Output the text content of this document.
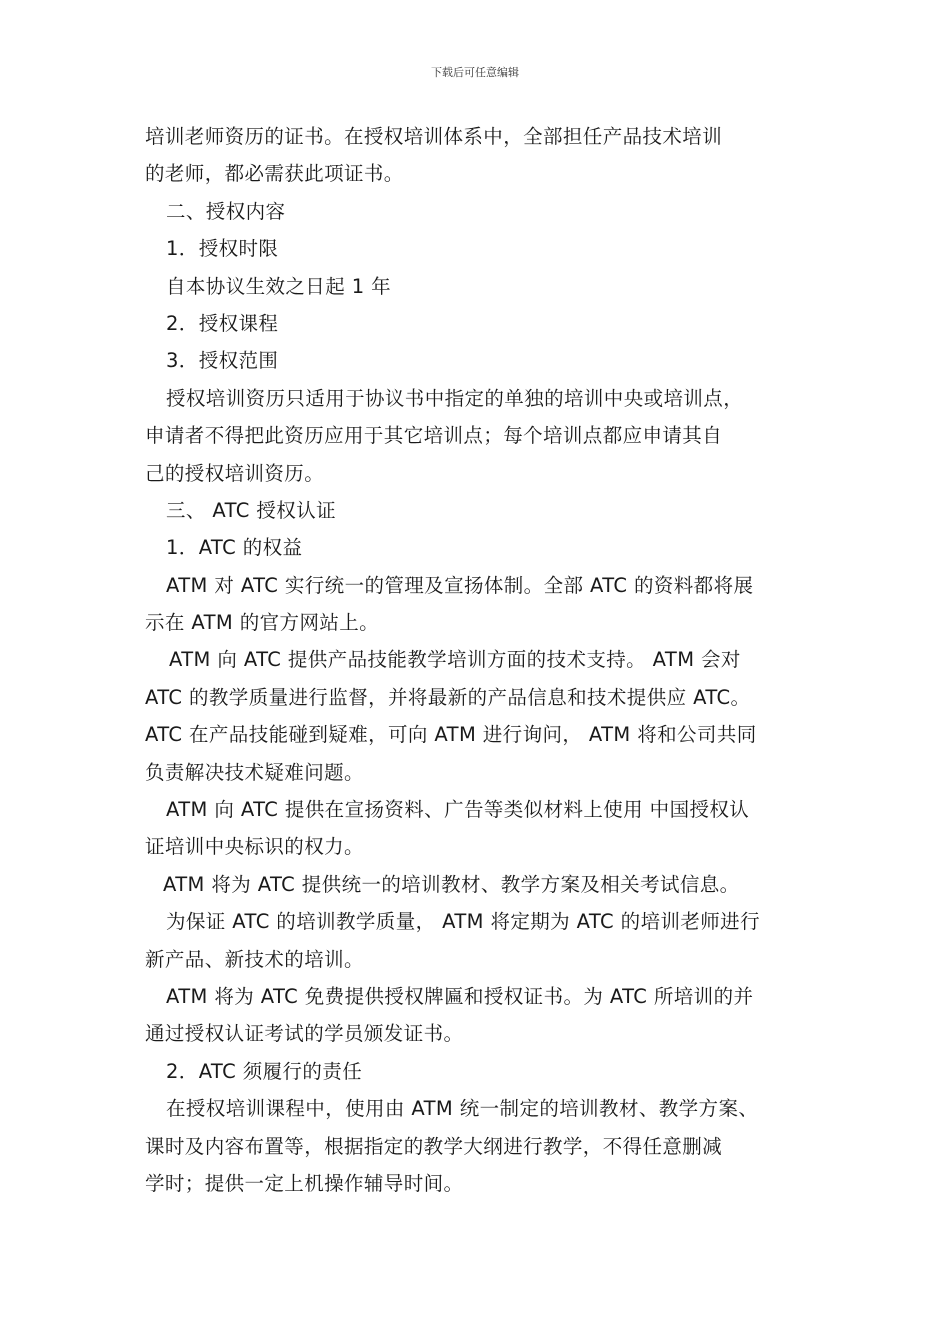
下载后可任意编辑
培训老师资历的证书。在授权培训体系中，全部担任产品技术培训
的老师，都必需获此项证书。
二、授权内容
1．授权时限
自本协议生效之日起 1 年
2．授权课程
3．授权范围
授权培训资历只适用于协议书中指定的单独的培训中央或培训点，
申请者不得把此资历应用于其它培训点；每个培训点都应申请其自
己的授权培训资历。
三、 ATC 授权认证
1．ATC 的权益
ATM 对 ATC 实行统一的管理及宣扬体制。全部 ATC 的资料都将展
示在 ATM 的官方网站上。
ATM 向 ATC 提供产品技能教学培训方面的技术支持。 ATM 会对
ATC 的教学质量进行监督，并将最新的产品信息和技术提供应 ATC。
ATC 在产品技能碰到疑难，可向 ATM 进行询问， ATM 将和公司共同
负责解决技术疑难问题。
ATM 向 ATC 提供在宣扬资料、广告等类似材料上使用 中国授权认
证培训中央标识的权力。
ATM 将为 ATC 提供统一的培训教材、教学方案及相关考试信息。
为保证 ATC 的培训教学质量， ATM 将定期为 ATC 的培训老师进行
新产品、新技术的培训。
ATM 将为 ATC 免费提供授权牌匾和授权证书。为 ATC 所培训的并
通过授权认证考试的学员颁发证书。
2．ATC 须履行的责任
在授权培训课程中，使用由 ATM 统一制定的培训教材、教学方案、
课时及内容布置等，根据指定的教学大纲进行教学，不得任意删减
学时；提供一定上机操作辅导时间。
